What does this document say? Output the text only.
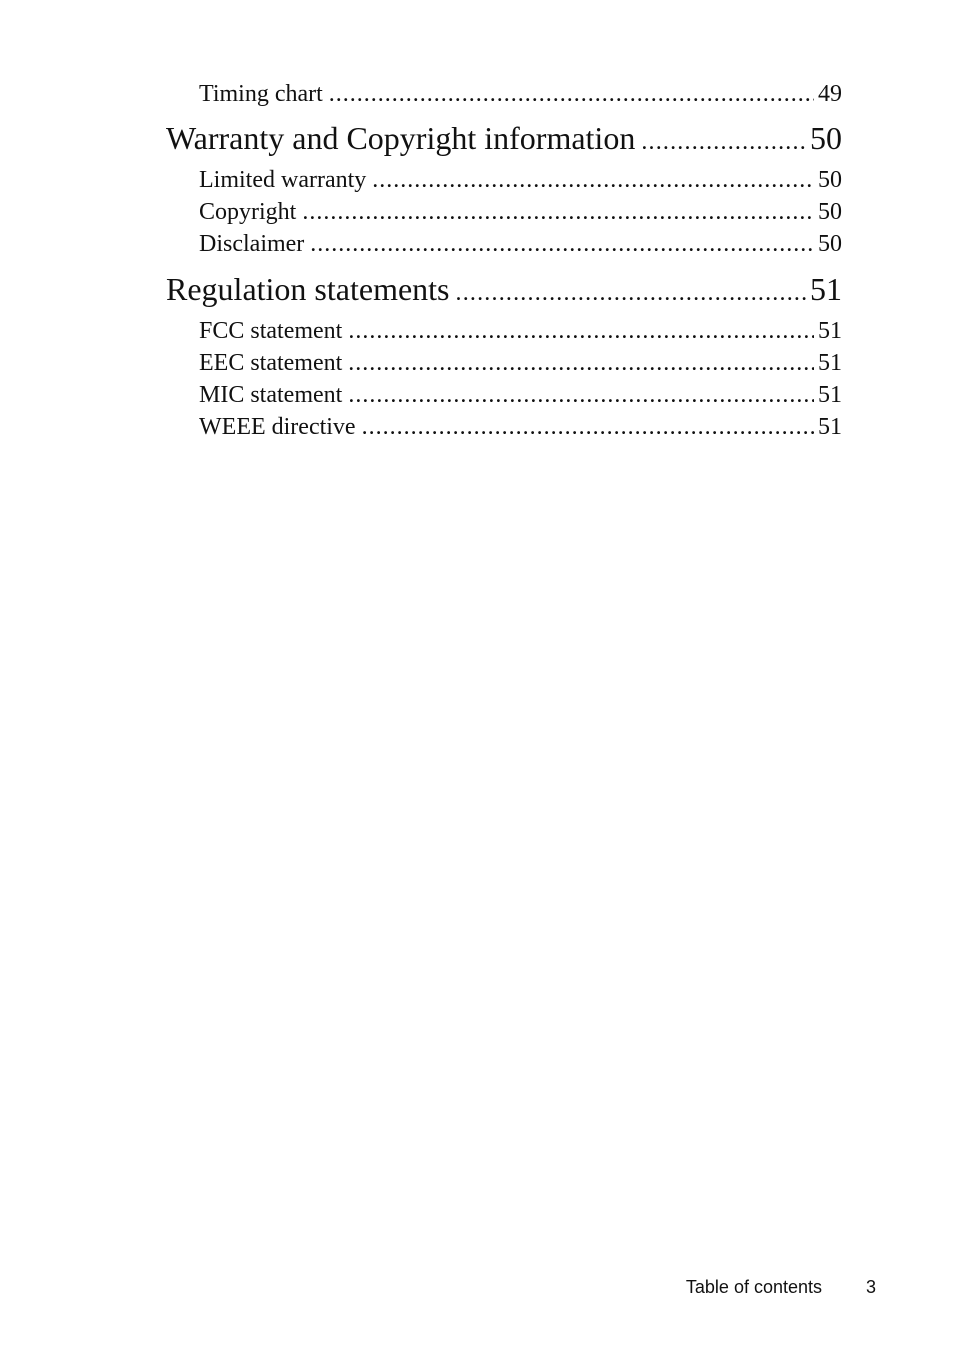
Timing chart .....	49
Warranty and Copyright information .....	50
Limited warranty .....	50
Copyright .....	50
Disclaimer .....	50
Regulation statements .....	51
FCC statement .....	51
EEC statement .....	51
MIC statement .....	51
WEEE directive .....	51
Table of contents 3
